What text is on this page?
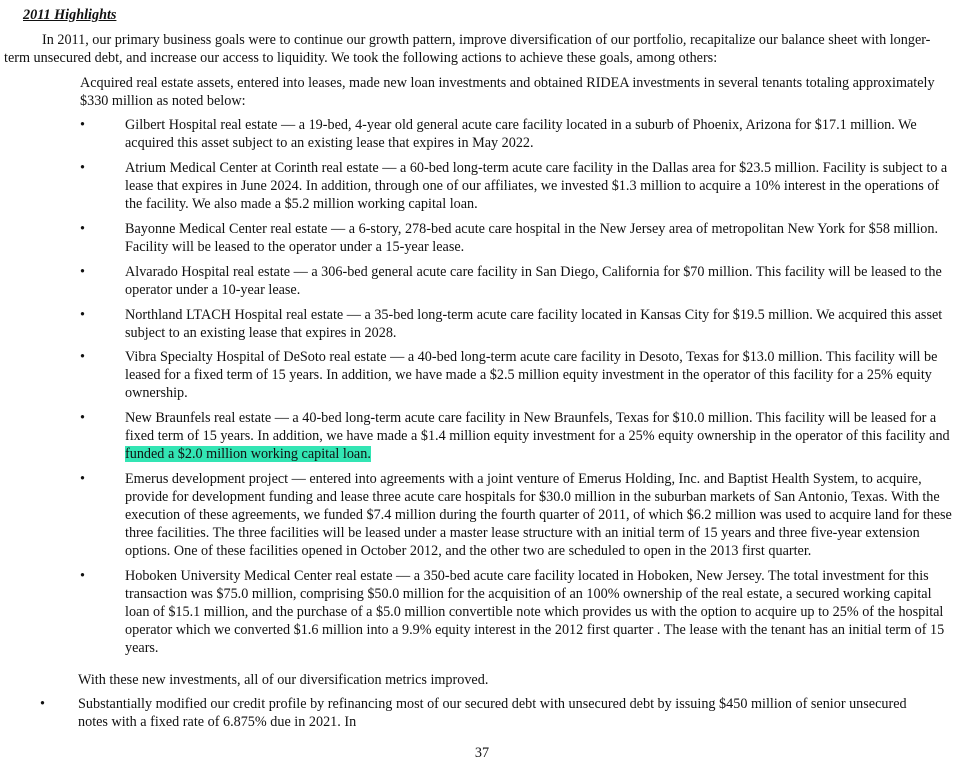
2011 Highlights
In 2011, our primary business goals were to continue our growth pattern, improve diversification of our portfolio, recapitalize our balance sheet with longer-term unsecured debt, and increase our access to liquidity. We took the following actions to achieve these goals, among others:
Acquired real estate assets, entered into leases, made new loan investments and obtained RIDEA investments in several tenants totaling approximately $330 million as noted below:
•	Gilbert Hospital real estate — a 19-bed, 4-year old general acute care facility located in a suburb of Phoenix, Arizona for $17.1 million. We acquired this asset subject to an existing lease that expires in May 2022.
•	Atrium Medical Center at Corinth real estate — a 60-bed long-term acute care facility in the Dallas area for $23.5 million. Facility is subject to a lease that expires in June 2024. In addition, through one of our affiliates, we invested $1.3 million to acquire a 10% interest in the operations of the facility. We also made a $5.2 million working capital loan.
•	Bayonne Medical Center real estate — a 6-story, 278-bed acute care hospital in the New Jersey area of metropolitan New York for $58 million. Facility will be leased to the operator under a 15-year lease.
•	Alvarado Hospital real estate — a 306-bed general acute care facility in San Diego, California for $70 million. This facility will be leased to the operator under a 10-year lease.
•	Northland LTACH Hospital real estate — a 35-bed long-term acute care facility located in Kansas City for $19.5 million. We acquired this asset subject to an existing lease that expires in 2028.
•	Vibra Specialty Hospital of DeSoto real estate — a 40-bed long-term acute care facility in Desoto, Texas for $13.0 million. This facility will be leased for a fixed term of 15 years. In addition, we have made a $2.5 million equity investment in the operator of this facility for a 25% equity ownership.
•	New Braunfels real estate — a 40-bed long-term acute care facility in New Braunfels, Texas for $10.0 million. This facility will be leased for a fixed term of 15 years. In addition, we have made a $1.4 million equity investment for a 25% equity ownership in the operator of this facility and funded a $2.0 million working capital loan.
•	Emerus development project — entered into agreements with a joint venture of Emerus Holding, Inc. and Baptist Health System, to acquire, provide for development funding and lease three acute care hospitals for $30.0 million in the suburban markets of San Antonio, Texas. With the execution of these agreements, we funded $7.4 million during the fourth quarter of 2011, of which $6.2 million was used to acquire land for these three facilities. The three facilities will be leased under a master lease structure with an initial term of 15 years and three five-year extension options. One of these facilities opened in October 2012, and the other two are scheduled to open in the 2013 first quarter.
•	Hoboken University Medical Center real estate — a 350-bed acute care facility located in Hoboken, New Jersey. The total investment for this transaction was $75.0 million, comprising $50.0 million for the acquisition of an 100% ownership of the real estate, a secured working capital loan of $15.1 million, and the purchase of a $5.0 million convertible note which provides us with the option to acquire up to 25% of the hospital operator which we converted $1.6 million into a 9.9% equity interest in the 2012 first quarter . The lease with the tenant has an initial term of 15 years.
With these new investments, all of our diversification metrics improved.
• Substantially modified our credit profile by refinancing most of our secured debt with unsecured debt by issuing $450 million of senior unsecured notes with a fixed rate of 6.875% due in 2021. In
37
